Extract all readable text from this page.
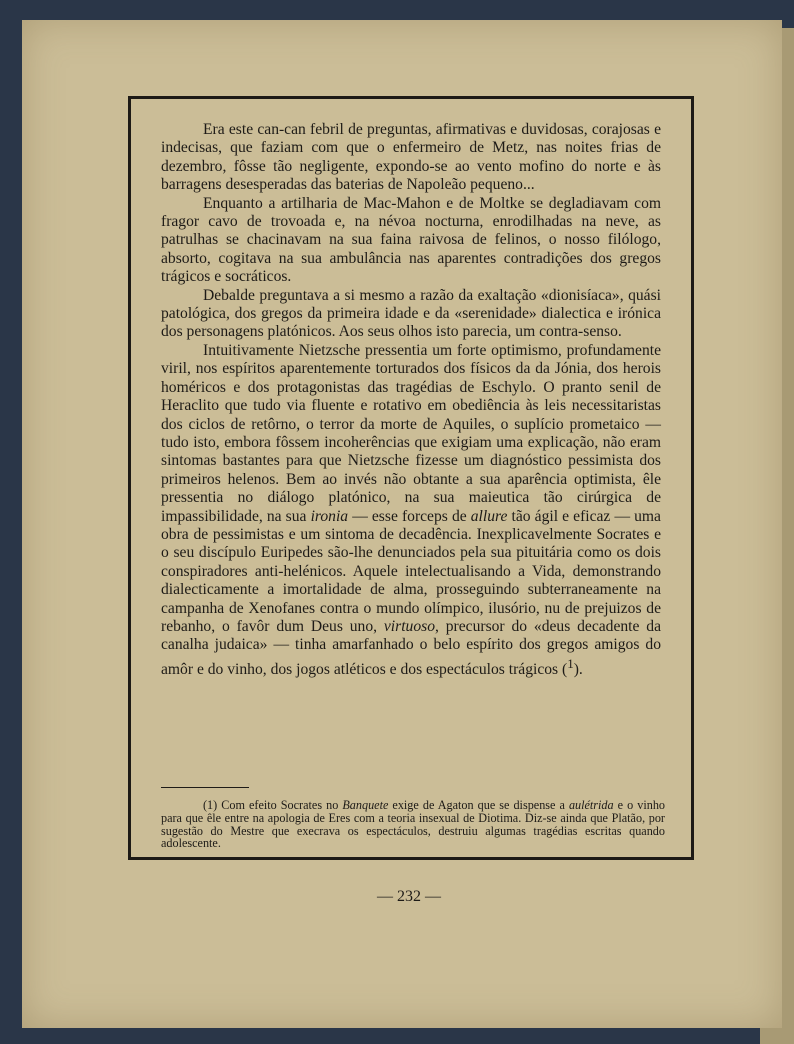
Era este can-can febril de preguntas, afirmativas e duvidosas, corajosas e indecisas, que faziam com que o enfermeiro de Metz, nas noites frias de dezembro, fôsse tão negligente, expondo-se ao vento mofino do norte e às barragens desesperadas das baterias de Napoleão pequeno...

Enquanto a artilharia de Mac-Mahon e de Moltke se degladiavam com fragor cavo de trovoada e, na névoa nocturna, enrodilhadas na neve, as patrulhas se chacinavam na sua faina raivosa de felinos, o nosso filólogo, absorto, cogitava na sua ambulância nas aparentes contradições dos gregos trágicos e socráticos.

Debalde preguntava a si mesmo a razão da exaltação «dionisíaca», quási patológica, dos gregos da primeira idade e da «serenidade» dialectica e irónica dos personagens platónicos. Aos seus olhos isto parecia, um contra-senso.

Intuitivamente Nietzsche pressentia um forte optimismo, profundamente viril, nos espíritos aparentemente torturados dos físicos da da Jónia, dos herois homéricos e dos protagonistas das tragédias de Eschylo. O pranto senil de Heraclito que tudo via fluente e rotativo em obediência às leis necessitaristas dos ciclos de retôrno, o terror da morte de Aquiles, o suplício prometaico — tudo isto, embora fôssem incoherências que exigiam uma explicação, não eram sintomas bastantes para que Nietzsche fizesse um diagnóstico pessimista dos primeiros helenos. Bem ao invés não obtante a sua aparência optimista, êle pressentia no diálogo platónico, na sua maieutica tão cirúrgica de impassibilidade, na sua ironia — esse forceps de allure tão ágil e eficaz — uma obra de pessimistas e um sintoma de decadência. Inexplicavelmente Socrates e o seu discípulo Euripedes são-lhe denunciados pela sua pituitária como os dois conspiradores anti-helénicos. Aquele intelectualisando a Vida, demonstrando dialecticamente a imortalidade de alma, prosseguindo subterraneamente na campanha de Xenofanes contra o mundo olímpico, ilusório, nu de prejuizos de rebanho, o favôr dum Deus uno, virtuoso, precursor do «deus decadente da canalha judaica» — tinha amarfanhado o belo espírito dos gregos amigos do amôr e do vinho, dos jogos atléticos e dos espectáculos trágicos ($^1$).

(1) Com efeito Socrates no Banquete exige de Agaton que se dispense a aulétrida e o vinho para que êle entre na apologia de Eres com a teoria insexual de Diotima. Diz-se ainda que Platão, por sugestão do Mestre que execrava os espectáculos, destruiu algumas tragédias escritas quando adolescente.
— 232 —
